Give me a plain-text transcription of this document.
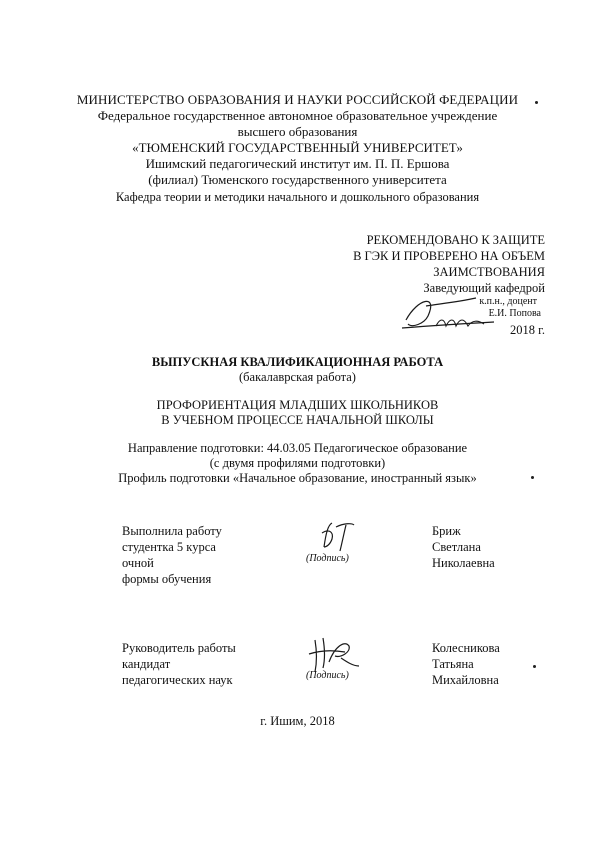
МИНИСТЕРСТВО ОБРАЗОВАНИЯ И НАУКИ РОССИЙСКОЙ ФЕДЕРАЦИИ
Федеральное государственное автономное образовательное учреждение
высшего образования
«ТЮМЕНСКИЙ ГОСУДАРСТВЕННЫЙ УНИВЕРСИТЕТ»
Ишимский педагогический институт им. П. П. Ершова
(филиал) Тюменского государственного университета
Кафедра теории и методики начального и дошкольного образования
РЕКОМЕНДОВАНО К ЗАЩИТЕ
В ГЭК И ПРОВЕРЕНО НА ОБЪЕМ
ЗАИМСТВОВАНИЯ
Заведующий кафедрой
к.п.н., доцент
Е.И. Попова
2018 г.
ВЫПУСКНАЯ КВАЛИФИКАЦИОННАЯ РАБОТА
(бакалаврская работа)
ПРОФОРИЕНТАЦИЯ МЛАДШИХ ШКОЛЬНИКОВ
В УЧЕБНОМ ПРОЦЕССЕ НАЧАЛЬНОЙ ШКОЛЫ
Направление подготовки: 44.03.05 Педагогическое образование
(с двумя профилями подготовки)
Профиль подготовки «Начальное образование, иностранный язык»
Выполнила работу
студентка 5 курса
очной
формы обучения
(Подпись)
Бриж
Светлана
Николаевна
Руководитель работы
кандидат
педагогических наук	(Подпись)
Колесникова
Татьяна
Михайловна
г. Ишим, 2018
